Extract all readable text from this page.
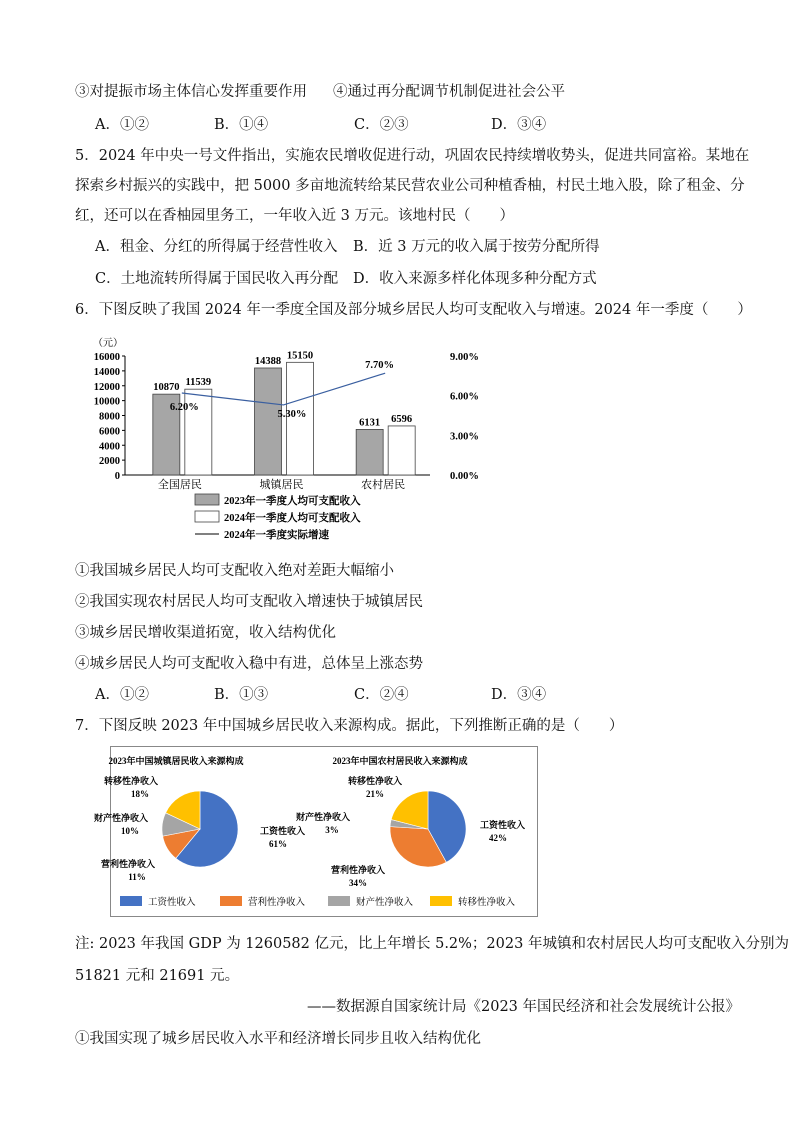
③对提振市场主体信心发挥重要作用 ④通过再分配调节机制促进社会公平
A．①②	B．①④	C．②③	D．③④
5．2024 年中央一号文件指出，实施农民增收促进行动，巩固农民持续增收势头，促进共同富裕。某地在
探索乡村振兴的实践中，把 5000 多亩地流转给某民营农业公司种植香柚，村民土地入股，除了租金、分
红，还可以在香柚园里务工，一年收入近 3 万元。该地村民（　　）
A．租金、分红的所得属于经营性收入 B．近 3 万元的收入属于按劳分配所得
C．土地流转所得属于国民收入再分配 D．收入来源多样化体现多种分配方式
6．下图反映了我国 2024 年一季度全国及部分城乡居民人均可支配收入与增速。2024 年一季度（　　）
（元）
16000
14000
12000
10000
8000
6000
4000
2000
0
9.00%
6.00%
3.00%
0.00%
10870 11539
全国居民
14388
15150
城镇居民
6131 6596
农村居民
6.20%
5.30%
7.70%
2023年一季度人均可支配收入
2024年一季度人均可支配收入
2024年一季度实际增速
①我国城乡居民人均可支配收入绝对差距大幅缩小
②我国实现农村居民人均可支配收入增速快于城镇居民
③城乡居民增收渠道拓宽，收入结构优化
④城乡居民人均可支配收入稳中有进，总体呈上涨态势
A．①②	B．①③	C．②④	D．③④
7．下图反映 2023 年中国城乡居民收入来源构成。据此，下列推断正确的是（　　）
2023年中国城镇居民收入来源构成
工资性收入
61%
营利性净收入
11%
财产性净收入
10%
转移性净收入
18%
2023年中国农村居民收入来源构成
工资性收入
42%
营利性净收入
34%
财产性净收入
3%
转移性净收入
21%
工资性收入	营利性净收入	财产性净收入	转移性净收入
注: 2023 年我国 GDP 为 1260582 亿元，比上年增长 5.2%；2023 年城镇和农村居民人均可支配收入分别为
51821 元和 21691 元。
——数据源自国家统计局《2023 年国民经济和社会发展统计公报》
①我国实现了城乡居民收入水平和经济增长同步且收入结构优化
